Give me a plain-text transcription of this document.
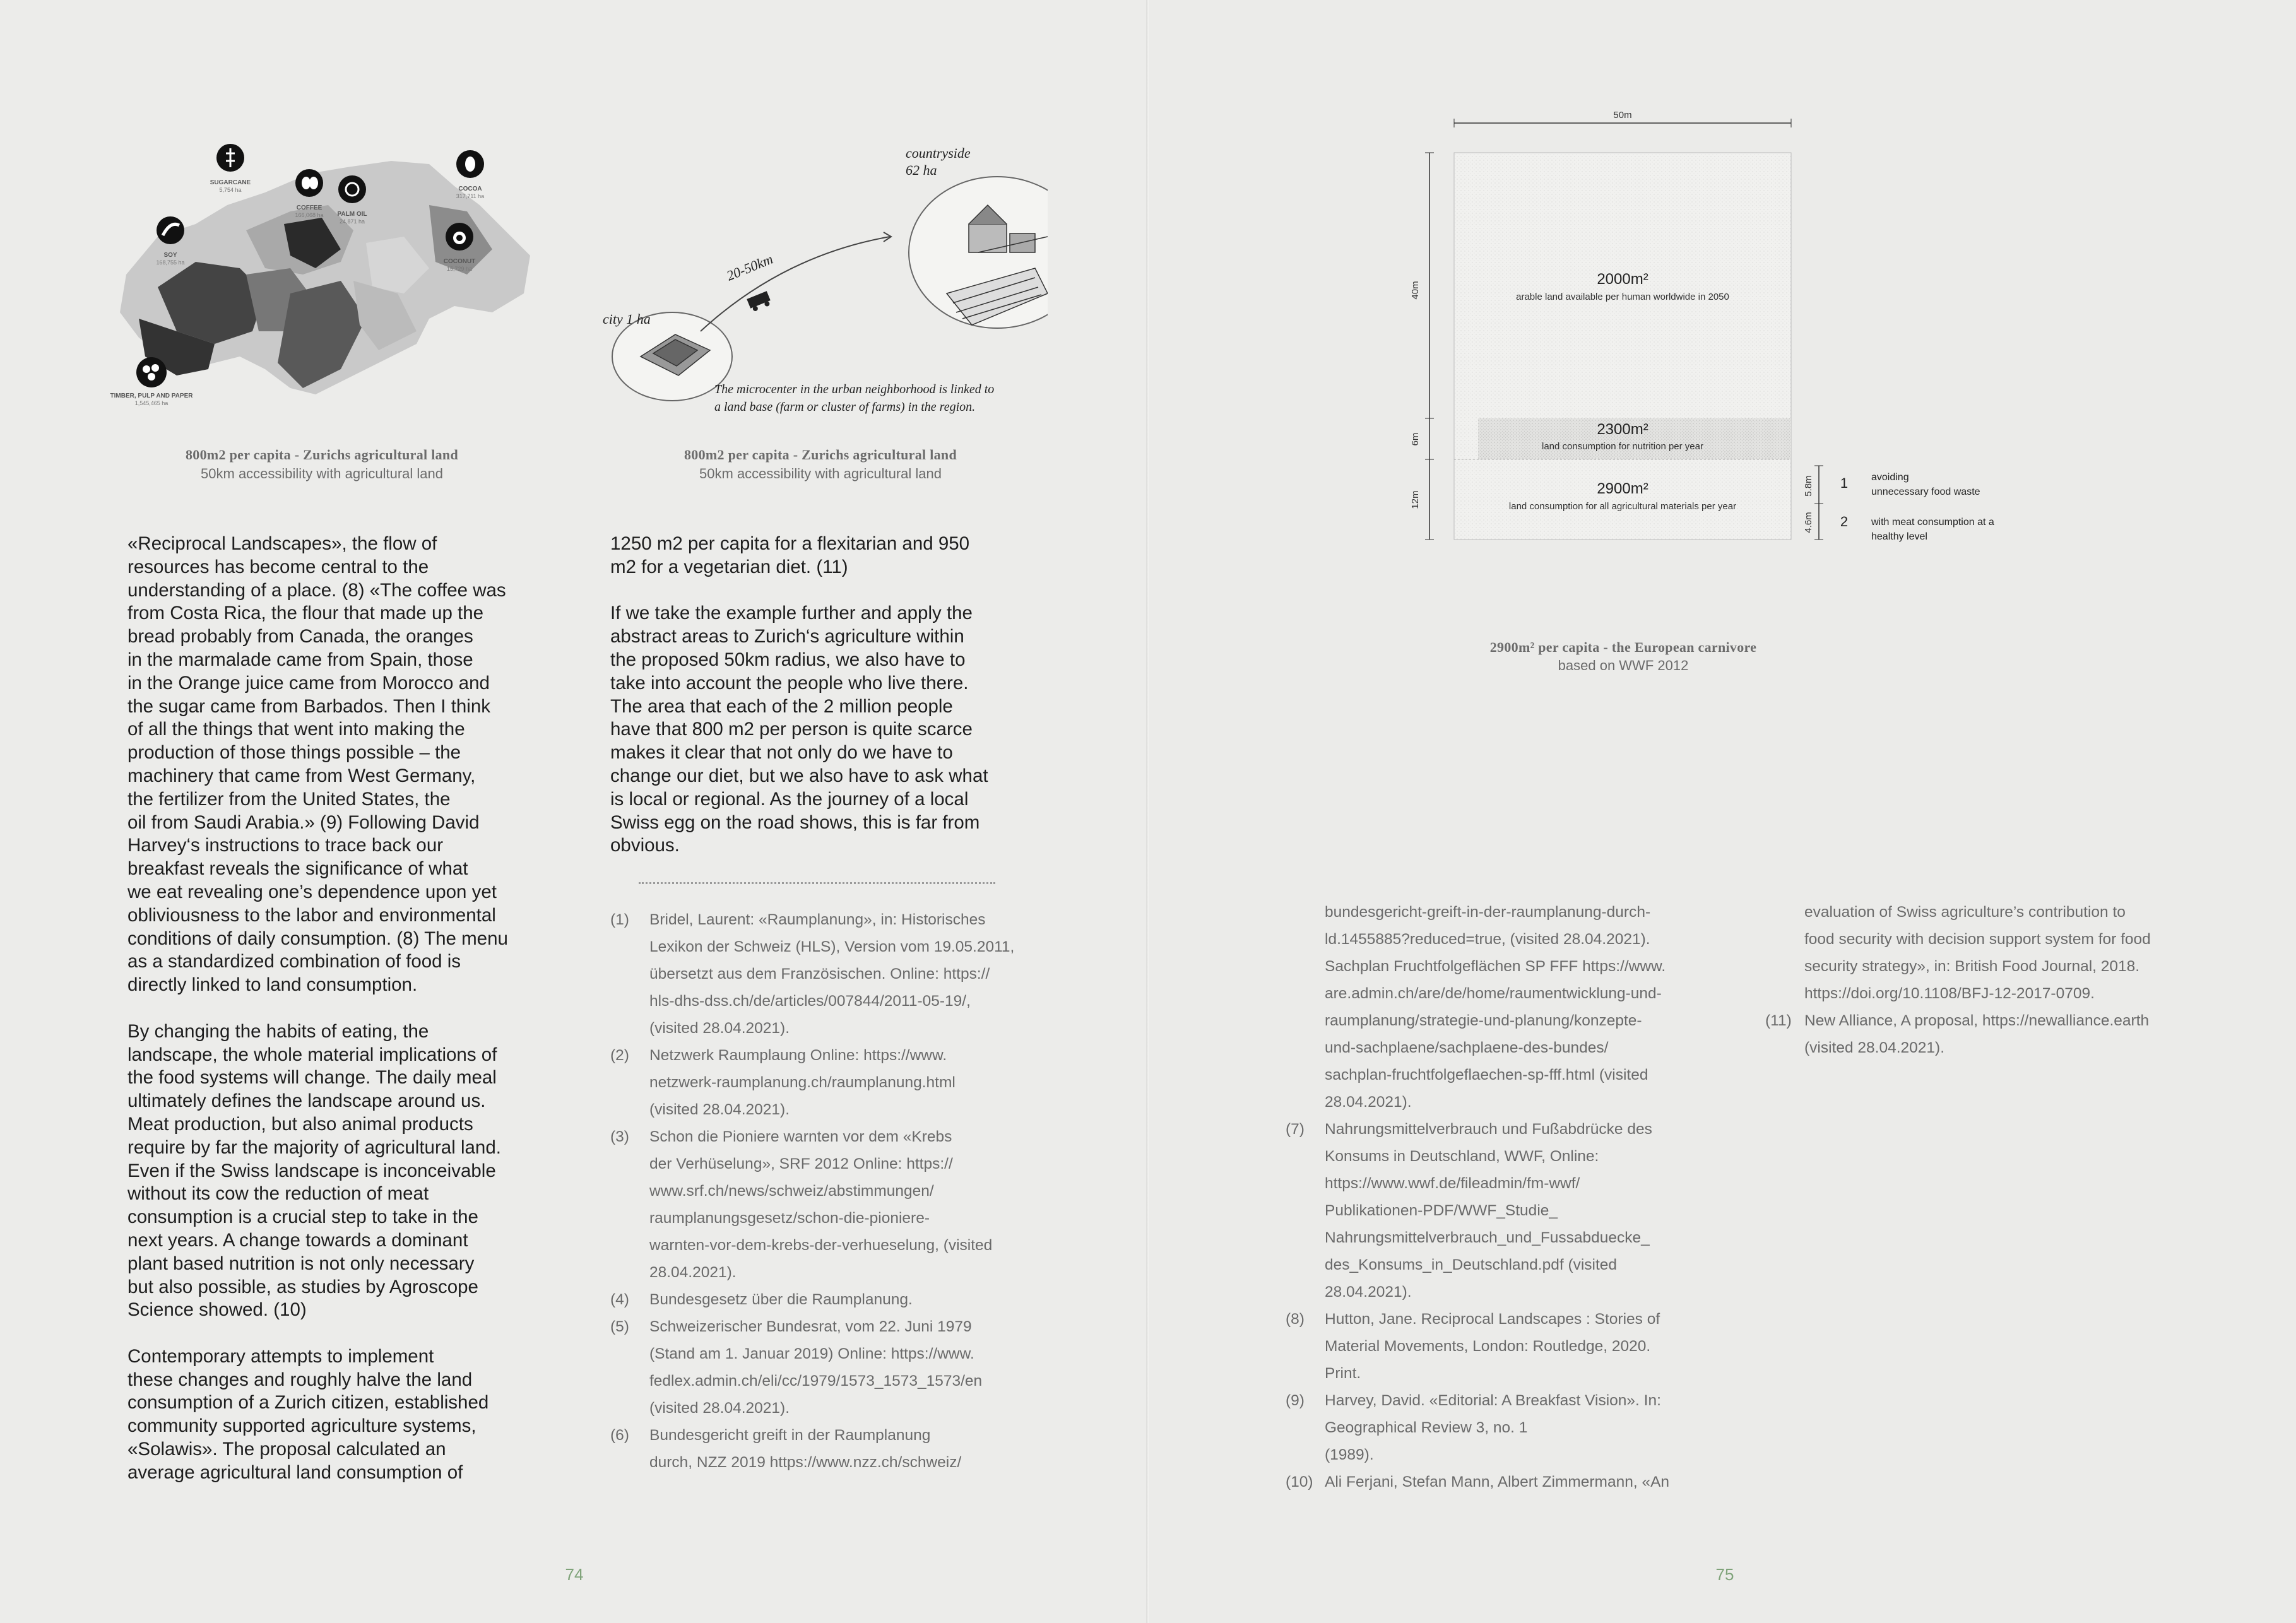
SUGARCANE
5,754 ha
COFFEE
166,068 ha PALM OIL
24,871 ha
COCOA
317,711 ha
SOY
168,755 ha	COCONUT
15,729 ha
TIMBER, PULP AND PAPER
1,545,465 ha
800m2 per capita - Zurichs agricultural land
50km accessibility with agricultural land
countryside
62 ha
city 1 ha
20-50km
The microcenter in the urban neighborhood is linked to
a land base (farm or cluster of farms) in the region.
800m2 per capita - Zurichs agricultural land
50km accessibility with agricultural land
«Reciprocal Landscapes», the flow of
resources has become central to the
understanding of a place. (8) «The coffee was
from Costa Rica, the flour that made up the
bread probably from Canada, the oranges
in the marmalade came from Spain, those
in the Orange juice came from Morocco and
the sugar came from Barbados. Then I think
of all the things that went into making the
production of those things possible – the
machinery that came from West Germany,
the fertilizer from the United States, the
oil from Saudi Arabia.» (9) Following David
Harvey‘s instructions to trace back our
breakfast reveals the significance of what
we eat revealing one’s dependence upon yet
obliviousness to the labor and environmental
conditions of daily consumption. (8) The menu
as a standardized combination of food is
directly linked to land consumption.

By changing the habits of eating, the
landscape, the whole material implications of
the food systems will change. The daily meal
ultimately defines the landscape around us.
Meat production, but also animal products
require by far the majority of agricultural land.
Even if the Swiss landscape is inconceivable
without its cow the reduction of meat
consumption is a crucial step to take in the
next years. A change towards a dominant
plant based nutrition is not only necessary
but also possible, as studies by Agroscope
Science showed. (10)

Contemporary attempts to implement
these changes and roughly halve the land
consumption of a Zurich citizen, established
community supported agriculture systems,
«Solawis». The proposal calculated an
average agricultural land consumption of
1250 m2 per capita for a flexitarian and 950
m2 for a vegetarian diet. (11)

If we take the example further and apply the
abstract areas to Zurich‘s agriculture within
the proposed 50km radius, we also have to
take into account the people who live there.
The area that each of the 2 million people
have that 800 m2 per person is quite scarce
makes it clear that not only do we have to
change our diet, but we also have to ask what
is local or regional. As the journey of a local
Swiss egg on the road shows, this is far from
obvious.
(1)	Bridel, Laurent: «Raumplanung», in: Historisches
Lexikon der Schweiz (HLS), Version vom 19.05.2011,
übersetzt aus dem Französischen. Online: https://
hls-dhs-dss.ch/de/articles/007844/2011-05-19/,
(visited 28.04.2021).
(2)	Netzwerk Raumplaung Online: https://www.
netzwerk-raumplanung.ch/raumplanung.html
(visited 28.04.2021).
(3)	Schon die Pioniere warnten vor dem «Krebs
der Verhüselung», SRF 2012 Online: https://
www.srf.ch/news/schweiz/abstimmungen/
raumplanungsgesetz/schon-die-pioniere-
warnten-vor-dem-krebs-der-verhueselung, (visited
28.04.2021).
(4)	Bundesgesetz über die Raumplanung.
(5)	Schweizerischer Bundesrat, vom 22. Juni 1979
(Stand am 1. Januar 2019) Online: https://www.
fedlex.admin.ch/eli/cc/1979/1573_1573_1573/en
(visited 28.04.2021).
(6)	Bundesgericht greift in der Raumplanung
durch, NZZ 2019 https://www.nzz.ch/schweiz/
74
50m
40m
6m
12m
2000m²
arable land available per human worldwide in 2050
2300m²
land consumption for nutrition per year
2900m²
land consumption for all agricultural materials per year
5.8m
4.6m
1
2
avoiding
unnecessary food waste
with meat consumption at a
healthy level
2900m² per capita - the European carnivore
based on WWF 2012
bundesgericht-greift-in-der-raumplanung-durch-
ld.1455885?reduced=true, (visited 28.04.2021).
Sachplan Fruchtfolgeflächen SP FFF https://www.
are.admin.ch/are/de/home/raumentwicklung-und-
raumplanung/strategie-und-planung/konzepte-
und-sachplaene/sachplaene-des-bundes/
sachplan-fruchtfolgeflaechen-sp-fff.html (visited
28.04.2021).
(7)	Nahrungsmittelverbrauch und Fußabdrücke des
Konsums in Deutschland, WWF, Online:
https://www.wwf.de/fileadmin/fm-wwf/
Publikationen-PDF/WWF_Studie_
Nahrungsmittelverbrauch_und_Fussabduecke_
des_Konsums_in_Deutschland.pdf (visited
28.04.2021).
(8)	Hutton, Jane. Reciprocal Landscapes : Stories of
Material Movements, London: Routledge, 2020.
Print.
(9)	Harvey, David. «Editorial: A Breakfast Vision». In:
Geographical Review 3, no. 1
(1989).
(10) Ali Ferjani, Stefan Mann, Albert Zimmermann, «An
evaluation of Swiss agriculture’s contribution to
food security with decision support system for food
security strategy», in: British Food Journal, 2018.
https://doi.org/10.1108/BFJ-12-2017-0709.
(11) New Alliance, A proposal, https://newalliance.earth
(visited 28.04.2021).
75
